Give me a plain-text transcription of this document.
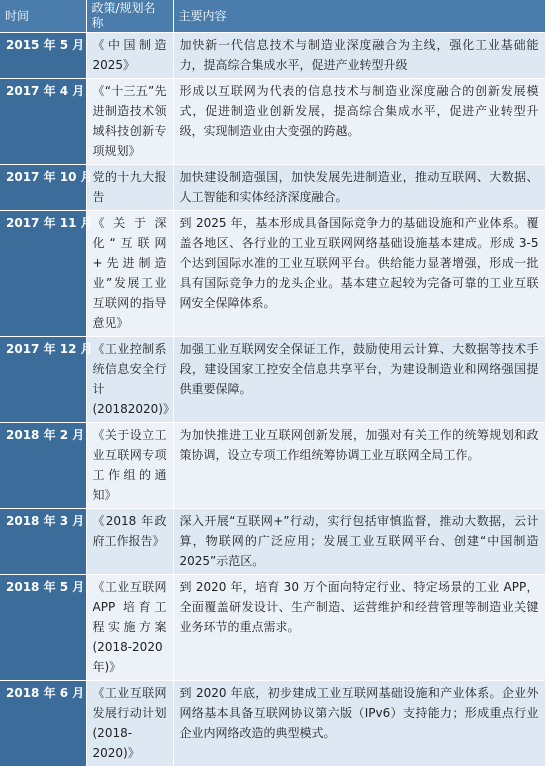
时间	政策/规划名称	主要内容
2015 年 5 月	《中国制造 2025》	加快新一代信息技术与制造业深度融合为主线，强化工业基础能力，提高综合集成水平，促进产业转型升级
2017 年 4 月	《“十三五”先进制造技术领域科技创新专项规划》	形成以互联网为代表的信息技术与制造业深度融合的创新发展模式，促进制造业创新发展，提高综合集成水平，促进产业转型升级，实现制造业由大变强的跨越。
2017 年 10 月	党的十九大报告	加快建设制造强国，加快发展先进制造业，推动互联网、大数据、人工智能和实体经济深度融合。
2017 年 11 月	《关于深化“互联网+先进制造业”发展工业互联网的指导意见》	到 2025 年，基本形成具备国际竞争力的基础设施和产业体系。覆盖各地区、各行业的工业互联网网络基础设施基本建成。形成 3-5 个达到国际水准的工业互联网平台。供给能力显著增强，形成一批具有国际竞争力的龙头企业。基本建立起较为完备可靠的工业互联网安全保障体系。
2017 年 12 月	《工业控制系统信息安全行计(20182020)》	加强工业互联网安全保证工作，鼓励使用云计算、大数据等技术手段，建设国家工控安全信息共享平台，为建设制造业和网络强国提供重要保障。
2018 年 2 月	《关于设立工业互联网专项工作组的通知》	为加快推进工业互联网创新发展，加强对有关工作的统筹规划和政策协调，设立专项工作组统筹协调工业互联网全局工作。
2018 年 3 月	《2018 年政府工作报告》	深入开展“互联网+”行动，实行包括审慎监督，推动大数据，云计算，物联网的广泛应用；发展工业互联网平台、创建“中国制造2025”示范区。
2018 年 5 月	《工业互联网 APP 培育工程实施方案 (2018-2020 年)》	到 2020 年，培育 30 万个面向特定行业、特定场景的工业 APP，全面覆盖研发设计、生产制造、运营维护和经营管理等制造业关键业务环节的重点需求。
2018 年 6 月	《工业互联网发展行动计划(2018-2020)》	到 2020 年底，初步建成工业互联网基础设施和产业体系。企业外网络基本具备互联网协议第六版（IPv6）支持能力；形成重点行业企业内网络改造的典型模式。
